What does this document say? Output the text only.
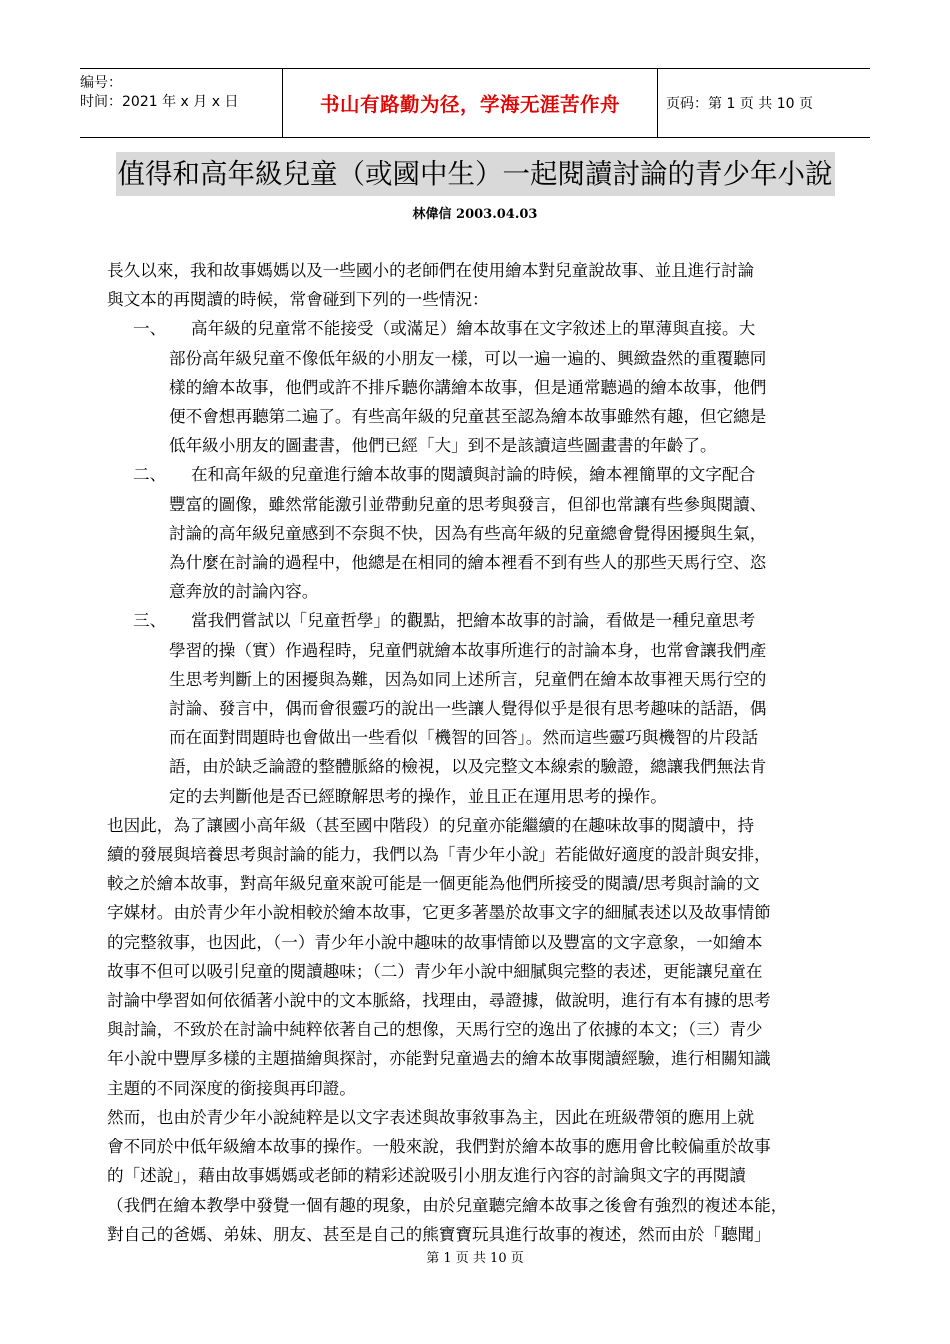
编号：
时间：2021 年 x 月 x 日	书山有路勤为径，学海无涯苦作舟	页码：第 1 页 共 10 页
值得和高年級兒童（或國中生）一起閱讀討論的青少年小說
林偉信 2003.04.03
長久以來，我和故事媽媽以及一些國小的老師們在使用繪本對兒童說故事、並且進行討論
與文本的再閱讀的時候，常會碰到下列的一些情況：
一、	高年級的兒童常不能接受（或滿足）繪本故事在文字敘述上的單薄與直接。大
部份高年級兒童不像低年級的小朋友一樣，可以一遍一遍的、興緻盎然的重覆聽同
樣的繪本故事，他們或許不排斥聽你講繪本故事，但是通常聽過的繪本故事，他們
便不會想再聽第二遍了。有些高年級的兒童甚至認為繪本故事雖然有趣，但它總是
低年級小朋友的圖畫書，他們已經「大」到不是該讀這些圖畫書的年齡了。
二、	在和高年級的兒童進行繪本故事的閱讀與討論的時候，繪本裡簡單的文字配合
豐富的圖像，雖然常能激引並帶動兒童的思考與發言，但卻也常讓有些參與閱讀、
討論的高年級兒童感到不奈與不快，因為有些高年級的兒童總會覺得困擾與生氣，
為什麼在討論的過程中，他總是在相同的繪本裡看不到有些人的那些天馬行空、恣
意奔放的討論內容。
三、	當我們嘗試以「兒童哲學」的觀點，把繪本故事的討論，看做是一種兒童思考
學習的操（實）作過程時，兒童們就繪本故事所進行的討論本身，也常會讓我們產
生思考判斷上的困擾與為難，因為如同上述所言，兒童們在繪本故事裡天馬行空的
討論、發言中，偶而會很靈巧的說出一些讓人覺得似乎是很有思考趣味的話語，偶
而在面對問題時也會做出一些看似「機智的回答」。然而這些靈巧與機智的片段話
語，由於缺乏論證的整體脈絡的檢視，以及完整文本線索的驗證，總讓我們無法肯
定的去判斷他是否已經瞭解思考的操作，並且正在運用思考的操作。
也因此，為了讓國小高年級（甚至國中階段）的兒童亦能繼續的在趣味故事的閱讀中，持
續的發展與培養思考與討論的能力，我們以為「青少年小說」若能做好適度的設計與安排，
較之於繪本故事，對高年級兒童來說可能是一個更能為他們所接受的閱讀/思考與討論的文
字媒材。由於青少年小說相較於繪本故事，它更多著墨於故事文字的細膩表述以及故事情節
的完整敘事，也因此，（一）青少年小說中趣味的故事情節以及豐富的文字意象，一如繪本
故事不但可以吸引兒童的閱讀趣味；（二）青少年小說中細膩與完整的表述，更能讓兒童在
討論中學習如何依循著小說中的文本脈絡，找理由，尋證據，做說明，進行有本有據的思考
與討論，不致於在討論中純粹依著自己的想像，天馬行空的逸出了依據的本文；（三）青少
年小說中豐厚多樣的主題描繪與探討，亦能對兒童過去的繪本故事閱讀經驗，進行相關知識
主題的不同深度的銜接與再印證。
然而，也由於青少年小說純粹是以文字表述與故事敘事為主，因此在班級帶領的應用上就
會不同於中低年級繪本故事的操作。一般來說，我們對於繪本故事的應用會比較偏重於故事
的「述說」，藉由故事媽媽或老師的精彩述說吸引小朋友進行內容的討論與文字的再閱讀
（我們在繪本教學中發覺一個有趣的現象，由於兒童聽完繪本故事之後會有強烈的複述本能，
對自己的爸媽、弟妹、朋友、甚至是自己的熊寶寶玩具進行故事的複述，然而由於「聽聞」
第 1 页 共 10 页
